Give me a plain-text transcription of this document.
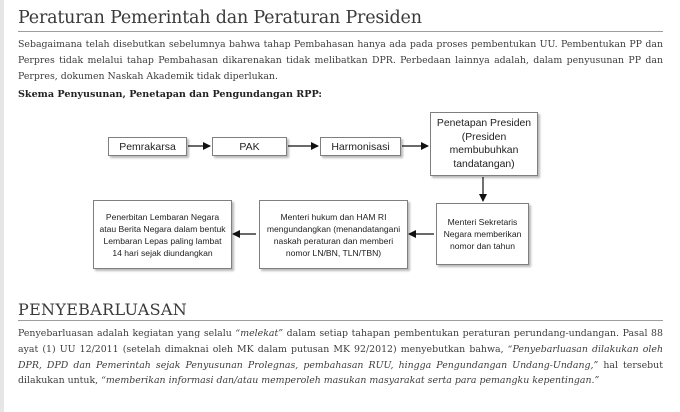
Peraturan Pemerintah dan Peraturan Presiden

Sebagaimana telah disebutkan sebelumnya bahwa tahap Pembahasan hanya ada pada proses pembentukan UU. Pembentukan PP dan Perpres tidak melalui tahap Pembahasan dikarenakan tidak melibatkan DPR. Perbedaan lainnya adalah, dalam penyusunan PP dan Perpres, dokumen Naskah Akademik tidak diperlukan.

Skema Penyusunan, Penetapan dan Pengundangan RPP:

Pemrakarsa	PAK	Harmonisasi
Penetapan Presiden (Presiden membubuhkan tandatangan)
Menteri Sekretaris Negara memberikan nomor dan tahun
Menteri hukum dan HAM RI mengundangkan (menandatangani naskah peraturan dan memberi nomor LN/BN, TLN/TBN)
Penerbitan Lembaran Negara atau Berita Negara dalam bentuk Lembaran Lepas paling lambat 14 hari sejak diundangkan
PENYEBARLUASAN

Penyebarluasan adalah kegiatan yang selalu “melekat” dalam setiap tahapan pembentukan peraturan perundang-undangan. Pasal 88 ayat (1) UU 12/2011 (setelah dimaknai oleh MK dalam putusan MK 92/2012) menyebutkan bahwa, “Penyebarluasan dilakukan oleh DPR, DPD dan Pemerintah sejak Penyusunan Prolegnas, pembahasan RUU, hingga Pengundangan Undang-Undang,” hal tersebut dilakukan untuk, “memberikan informasi dan/atau memperoleh masukan masyarakat serta para pemangku kepentingan.”
